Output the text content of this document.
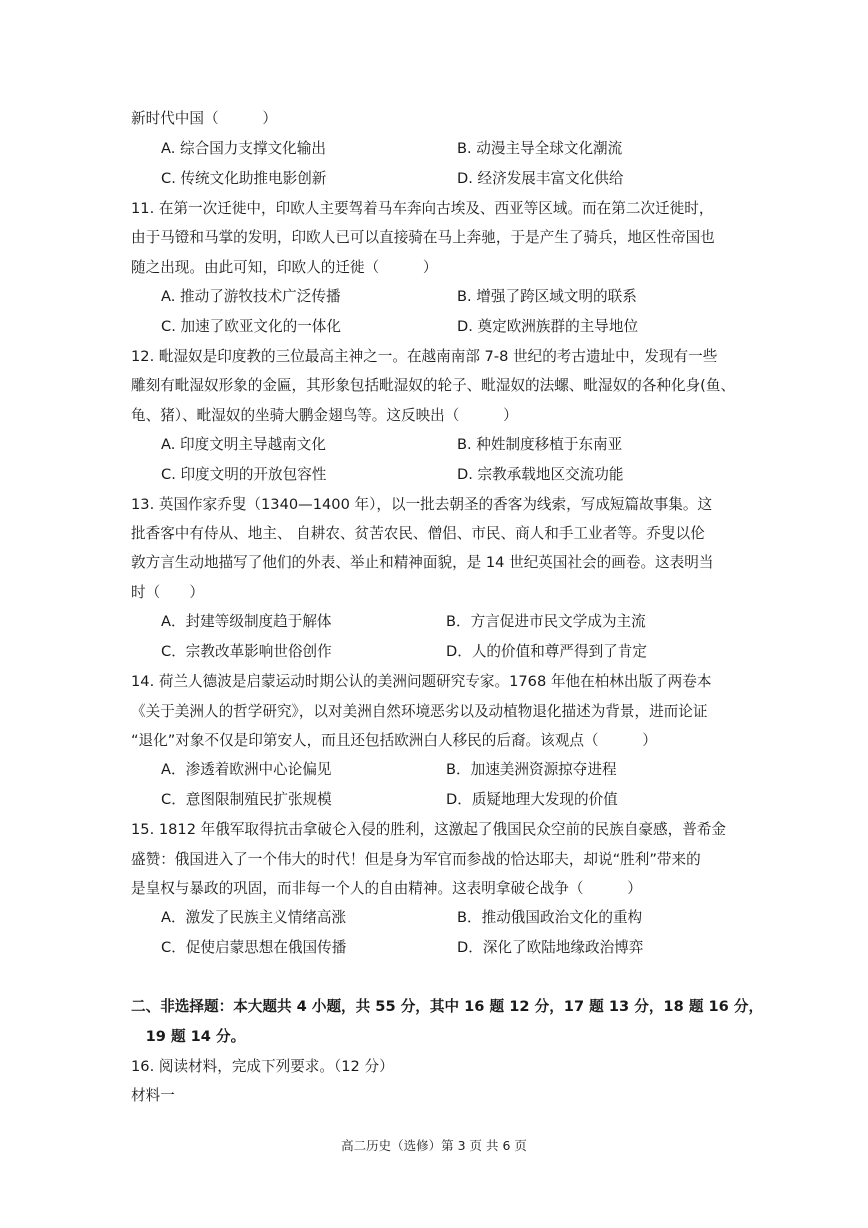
新时代中国（　　　）
A. 综合国力支撑文化输出	B. 动漫主导全球文化潮流
C. 传统文化助推电影创新	D. 经济发展丰富文化供给
11. 在第一次迁徙中，印欧人主要驾着马车奔向古埃及、西亚等区域。而在第二次迁徙时，
由于马镫和马掌的发明，印欧人已可以直接骑在马上奔驰，于是产生了骑兵，地区性帝国也
随之出现。由此可知，印欧人的迁徙（　　　）
A. 推动了游牧技术广泛传播	B. 增强了跨区域文明的联系
C. 加速了欧亚文化的一体化	D. 奠定欧洲族群的主导地位
12. 毗湿奴是印度教的三位最高主神之一。在越南南部 7-8 世纪的考古遗址中，发现有一些
雕刻有毗湿奴形象的金匾，其形象包括毗湿奴的轮子、毗湿奴的法螺、毗湿奴的各种化身(鱼、
龟、猪）、毗湿奴的坐骑大鹏金翅鸟等。这反映出（　　　）
A. 印度文明主导越南文化	B. 种姓制度移植于东南亚
C. 印度文明的开放包容性	D. 宗教承载地区交流功能
13. 英国作家乔叟（1340—1400 年），以一批去朝圣的香客为线索，写成短篇故事集。这
批香客中有侍从、地主、 自耕农、贫苦农民、僧侣、市民、商人和手工业者等。乔叟以伦
敦方言生动地描写了他们的外表、举止和精神面貌，是 14 世纪英国社会的画卷。这表明当
时（　　）
A．封建等级制度趋于解体	B．方言促进市民文学成为主流
C．宗教改革影响世俗创作	D．人的价值和尊严得到了肯定
14. 荷兰人德波是启蒙运动时期公认的美洲问题研究专家。1768 年他在柏林出版了两卷本
《关于美洲人的哲学研究》，以对美洲自然环境恶劣以及动植物退化描述为背景，进而论证
“退化”对象不仅是印第安人，而且还包括欧洲白人移民的后裔。该观点（　　　）
A．渗透着欧洲中心论偏见	B．加速美洲资源掠夺进程
C．意图限制殖民扩张规模	D．质疑地理大发现的价值
15. 1812 年俄军取得抗击拿破仑入侵的胜利，这激起了俄国民众空前的民族自豪感，普希金
盛赞：俄国进入了一个伟大的时代！但是身为军官而参战的恰达耶夫，却说“胜利”带来的
是皇权与暴政的巩固，而非每一个人的自由精神。这表明拿破仑战争（　　　）
A．激发了民族主义情绪高涨	B．推动俄国政治文化的重构
C．促使启蒙思想在俄国传播	D．深化了欧陆地缘政治博弈
二、非选择题：本大题共 4 小题，共 55 分，其中 16 题 12 分，17 题 13 分，18 题 16 分，
　19 题 14 分。
16. 阅读材料，完成下列要求。（12 分）
材料一
高二历史（选修）第 3 页 共 6 页
